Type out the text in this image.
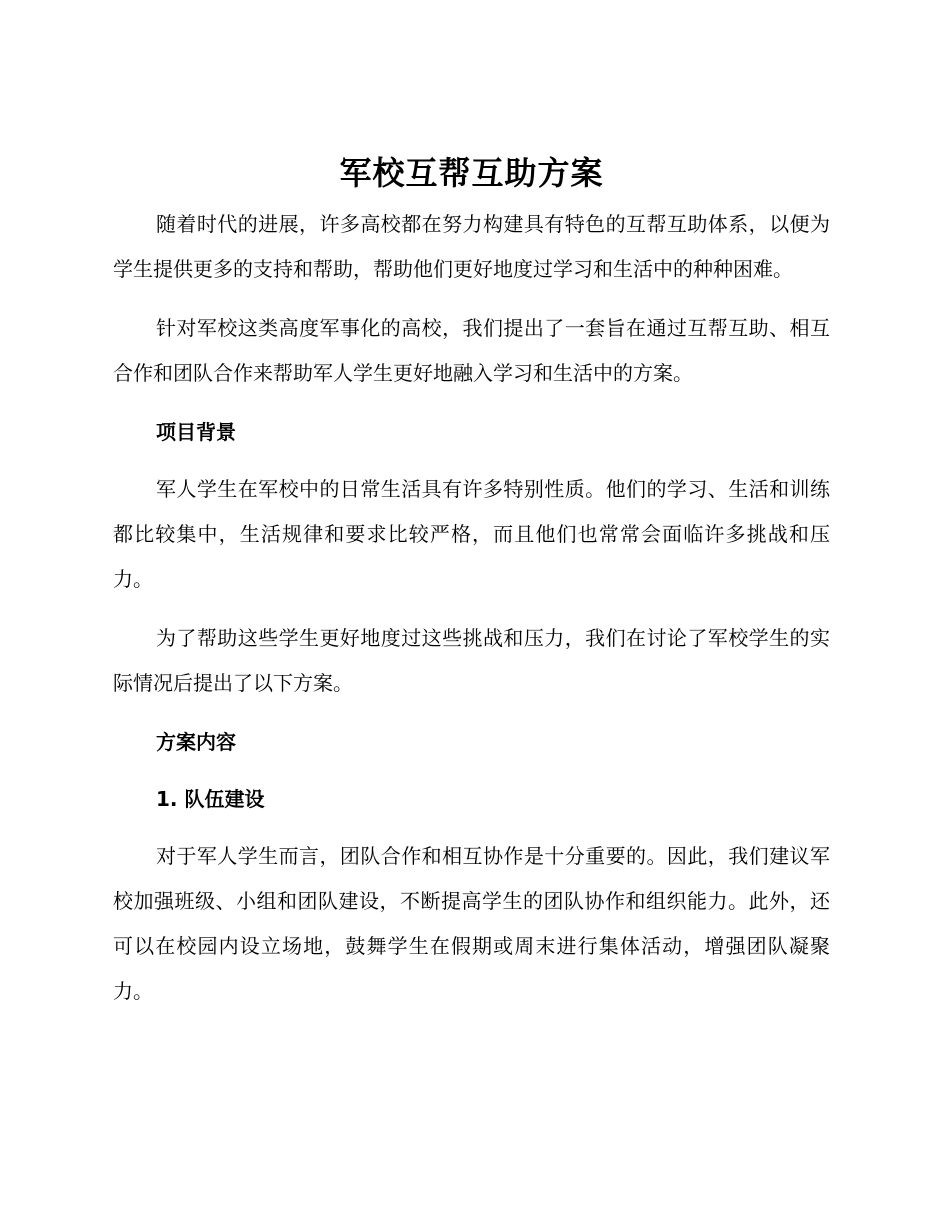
军校互帮互助方案

随着时代的进展，许多高校都在努力构建具有特色的互帮互助体系，以便为学生提供更多的支持和帮助，帮助他们更好地度过学习和生活中的种种困难。

针对军校这类高度军事化的高校，我们提出了一套旨在通过互帮互助、相互合作和团队合作来帮助军人学生更好地融入学习和生活中的方案。

项目背景

军人学生在军校中的日常生活具有许多特别性质。他们的学习、生活和训练都比较集中，生活规律和要求比较严格，而且他们也常常会面临许多挑战和压力。

为了帮助这些学生更好地度过这些挑战和压力，我们在讨论了军校学生的实际情况后提出了以下方案。

方案内容

1. 队伍建设

对于军人学生而言，团队合作和相互协作是十分重要的。因此，我们建议军校加强班级、小组和团队建设，不断提高学生的团队协作和组织能力。此外，还可以在校园内设立场地，鼓舞学生在假期或周末进行集体活动，增强团队凝聚力。
